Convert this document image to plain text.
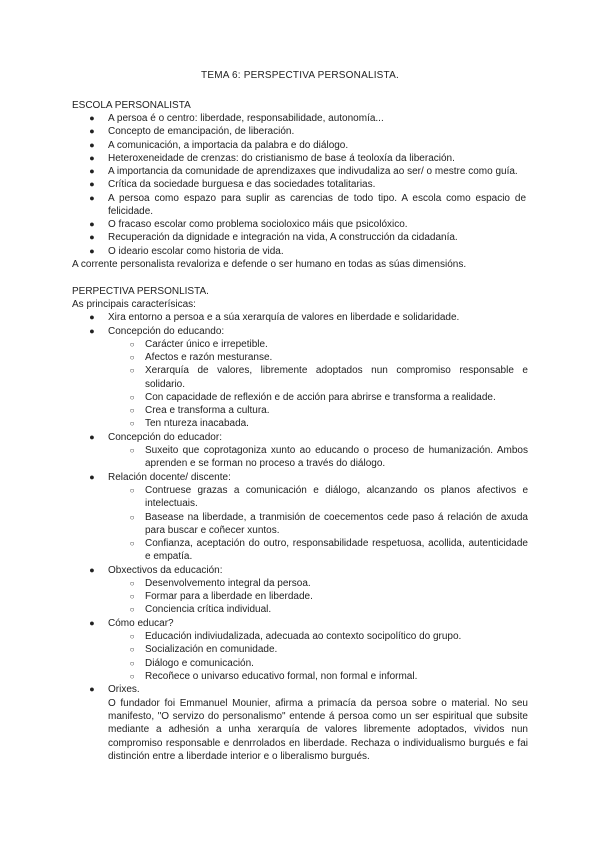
TEMA 6: PERSPECTIVA PERSONALISTA.
ESCOLA PERSONALISTA
● A persoa é o centro: liberdade, responsabilidade, autonomía...
● Concepto de emancipación, de liberación.
● A comunicación, a importacia da palabra e do diálogo.
● Heteroxeneidade de crenzas: do cristianismo de base á teoloxía da liberación.
● A importancia da comunidade de aprendizaxes que indivudaliza ao ser/ o mestre como guía.
● Crítica da sociedade burguesa e das sociedades totalitarias.
● A persoa como espazo para suplir as carencias de todo tipo. A escola como espacio de
felicidade.
● O fracaso escolar como problema socioloxico máis que psicolóxico.
● Recuperación da dignidade e integración na vida, A construcción da cidadanía.
● O ideario escolar como historia de vida.
A corrente personalista revaloriza e defende o ser humano en todas as súas dimensións.
PERPECTIVA PERSONLISTA.
As principais caracterísicas:
● Xira entorno a persoa e a súa xerarquía de valores en liberdade e solidaridade.
● Concepción do educando:
○ Carácter único e irrepetible.
○ Afectos e razón mesturanse.
○ Xerarquía de valores, libremente adoptados nun compromiso responsable e
solidario.
○ Con capacidade de reflexión e de acción para abrirse e transforma a realidade.
○ Crea e transforma a cultura.
○ Ten ntureza inacabada.
● Concepción do educador:
○ Suxeito que coprotagoniza xunto ao educando o proceso de humanización. Ambos
aprenden e se forman no proceso a través do diálogo.
● Relación docente/ discente:
○ Contruese grazas a comunicación e diálogo, alcanzando os planos afectivos e
intelectuais.
○ Basease na liberdade, a tranmisión de coecementos cede paso á relación de axuda
para buscar e coñecer xuntos.
○ Confianza, aceptación do outro, responsabilidade respetuosa, acollida, autenticidade
e empatía.
● Obxectivos da educación:
○ Desenvolvemento integral da persoa.
○ Formar para a liberdade en liberdade.
○ Conciencia crítica individual.
● Cómo educar?
○ Educación indiviudalizada, adecuada ao contexto socipolítico do grupo.
○ Socialización en comunidade.
○ Diálogo e comunicación.
○ Recoñece o univarso educativo formal, non formal e informal.
● Orixes.
O fundador foi Emmanuel Mounier, afirma a primacía da persoa sobre o material. No seu
manifesto, "O servizo do personalismo" entende á persoa como un ser espiritual que subsite
mediante a adhesión a unha xerarquía de valores libremente adoptados, vividos nun
compromiso responsable e denrrolados en liberdade. Rechaza o individualismo burgués e fai
distinción entre a liberdade interior e o liberalismo burgués.
